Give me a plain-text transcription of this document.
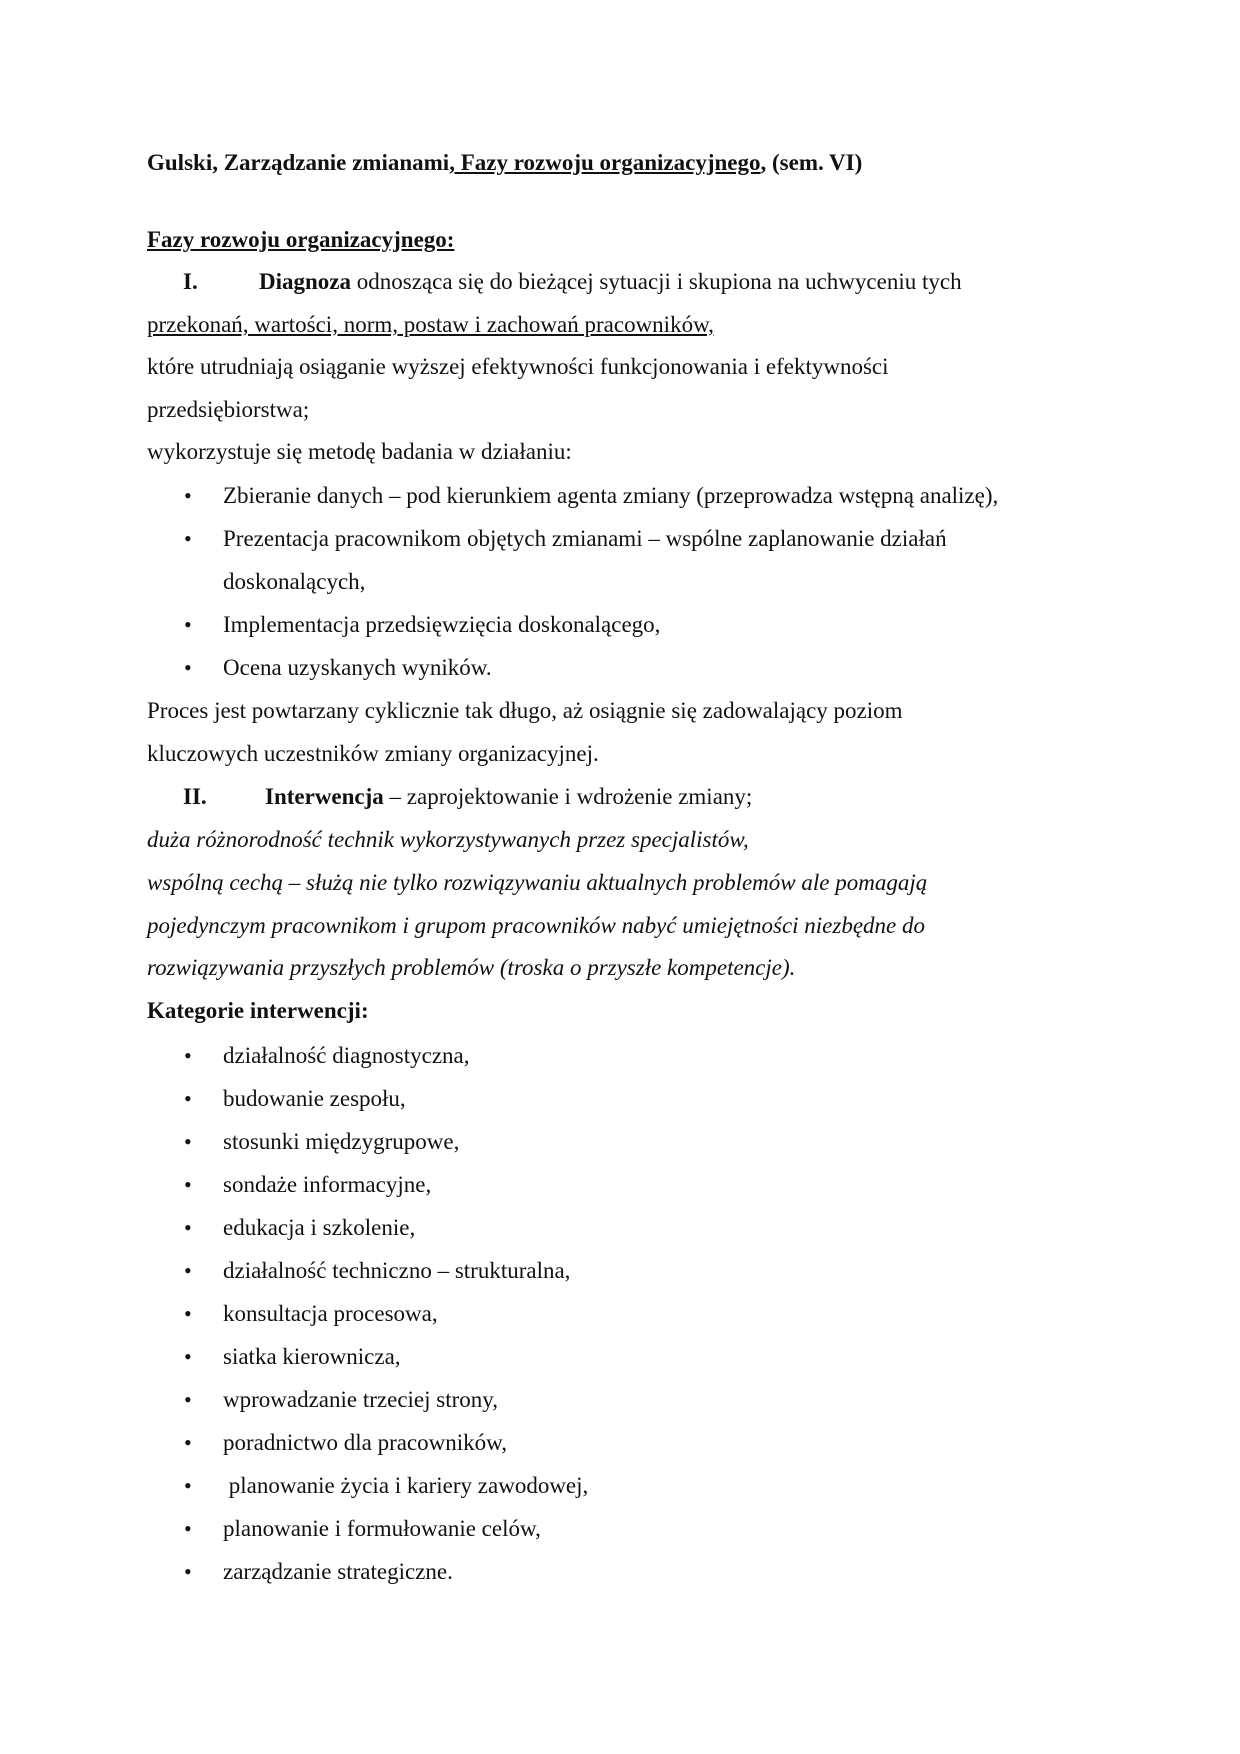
Gulski, Zarządzanie zmianami, Fazy rozwoju organizacyjnego, (sem. VI)
Fazy rozwoju organizacyjnego:
I.	Diagnoza odnosząca się do bieżącej sytuacji i skupiona na uchwyceniu tych
przekonań, wartości, norm, postaw i zachowań pracowników,
które utrudniają osiąganie wyższej efektywności funkcjonowania i efektywności
przedsiębiorstwa;
wykorzystuje się metodę badania w działaniu:
• Zbieranie danych – pod kierunkiem agenta zmiany (przeprowadza wstępną analizę),
• Prezentacja pracownikom objętych zmianami – wspólne zaplanowanie działań
doskonalących,
• Implementacja przedsięwzięcia doskonalącego,
• Ocena uzyskanych wyników.
Proces jest powtarzany cyklicznie tak długo, aż osiągnie się zadowalający poziom
kluczowych uczestników zmiany organizacyjnej.
II.	Interwencja – zaprojektowanie i wdrożenie zmiany;
duża różnorodność technik wykorzystywanych przez specjalistów,
wspólną cechą – służą nie tylko rozwiązywaniu aktualnych problemów ale pomagają
pojedynczym pracownikom i grupom pracowników nabyć umiejętności niezbędne do
rozwiązywania przyszłych problemów (troska o przyszłe kompetencje).
Kategorie interwencji:
• działalność diagnostyczna,
• budowanie zespołu,
• stosunki międzygrupowe,
• sondaże informacyjne,
• edukacja i szkolenie,
• działalność techniczno – strukturalna,
• konsultacja procesowa,
• siatka kierownicza,
• wprowadzanie trzeciej strony,
• poradnictwo dla pracowników,
• planowanie życia i kariery zawodowej,
• planowanie i formułowanie celów,
• zarządzanie strategiczne.
